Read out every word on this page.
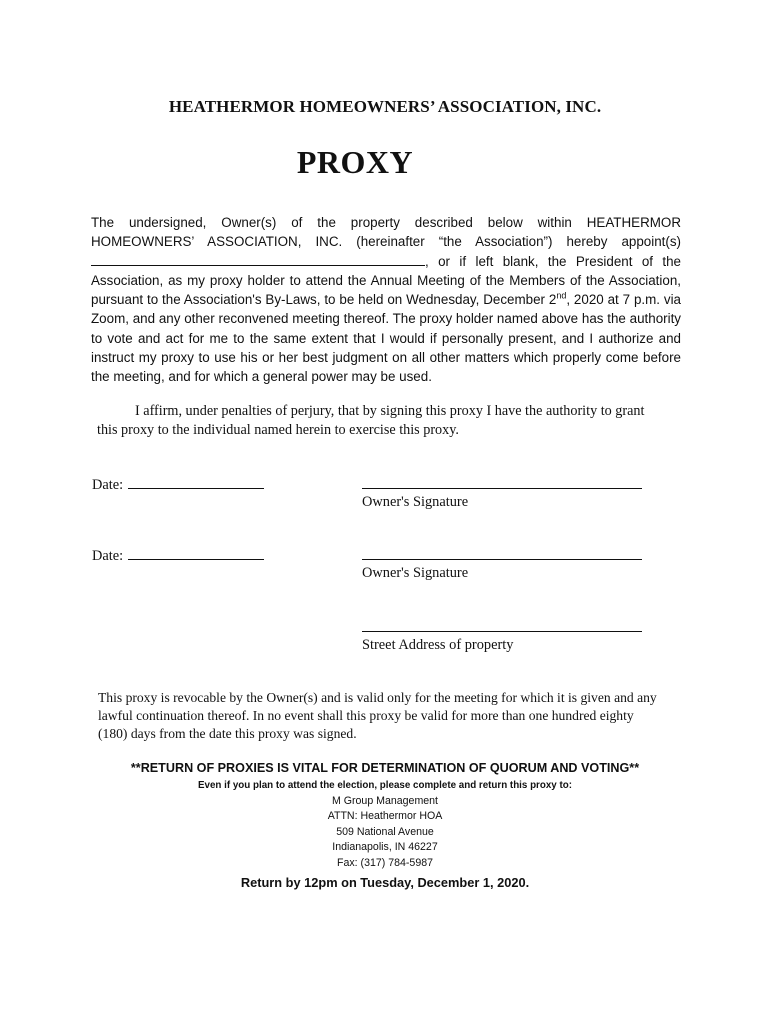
HEATHERMOR HOMEOWNERS’ ASSOCIATION, INC.
PROXY
The undersigned, Owner(s) of the property described below within HEATHERMOR HOMEOWNERS’ ASSOCIATION, INC. (hereinafter “the Association”) hereby appoint(s) , or if left blank, the President of the Association, as my proxy holder to attend the Annual Meeting of the Members of the Association, pursuant to the Association's By-Laws, to be held on Wednesday, December 2nd, 2020 at 7 p.m. via Zoom, and any other reconvened meeting thereof. The proxy holder named above has the authority to vote and act for me to the same extent that I would if personally present, and I authorize and instruct my proxy to use his or her best judgment on all other matters which properly come before the meeting, and for which a general power may be used.
I affirm, under penalties of perjury, that by signing this proxy I have the authority to grant this proxy to the individual named herein to exercise this proxy.
Date:
Owner's Signature
Date:
Owner's Signature
Street Address of property
This proxy is revocable by the Owner(s) and is valid only for the meeting for which it is given and any lawful continuation thereof. In no event shall this proxy be valid for more than one hundred eighty (180) days from the date this proxy was signed.
**RETURN OF PROXIES IS VITAL FOR DETERMINATION OF QUORUM AND VOTING**
Even if you plan to attend the election, please complete and return this proxy to:
M Group Management
ATTN: Heathermor HOA
509 National Avenue
Indianapolis, IN 46227
Fax: (317) 784-5987
Return by 12pm on Tuesday, December 1, 2020.
